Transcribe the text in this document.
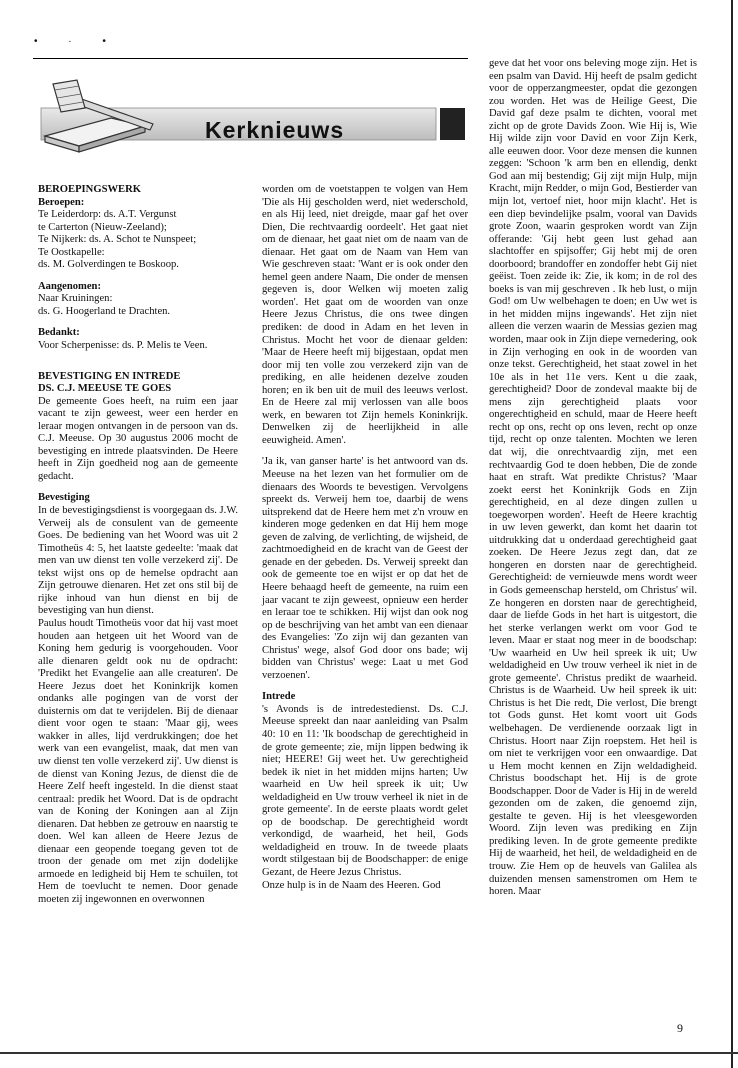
• · •
Kerknieuws

BEROEPINGSWERK

Beroepen:

Te Leiderdorp: ds. A.T. Vergunst

te Carterton (Nieuw-Zeeland);

Te Nijkerk: ds. A. Schot te Nunspeet;

Te Oostkapelle:

ds. M. Golverdingen te Boskoop.

Aangenomen:

Naar Kruiningen:

ds. G. Hoogerland te Drachten.

Bedankt:

Voor Scherpenisse: ds. P. Melis te Veen.

BEVESTIGING EN INTREDE

DS. C.J. MEEUSE TE GOES

De gemeente Goes heeft, na ruim een jaar vacant te zijn geweest, weer een herder en leraar mogen ontvangen in de persoon van ds. C.J. Meeuse. Op 30 augustus 2006 mocht de bevestiging en intrede plaatsvinden. De Heere heeft in Zijn goedheid nog aan de gemeente gedacht.

Bevestiging

In de bevestigingsdienst is voorgegaan ds. J.W. Verweij als de consulent van de gemeente Goes. De bediening van het Woord was uit 2 Timotheüs 4: 5, het laatste gedeelte: 'maak dat men van uw dienst ten volle verzekerd zij'. De tekst wijst ons op de hemelse opdracht aan Zijn getrouwe dienaren. Het zet ons stil bij de rijke inhoud van hun dienst en bij de bevestiging van hun dienst.

Paulus houdt Timotheüs voor dat hij vast moet houden aan hetgeen uit het Woord van de Koning hem gedurig is voorgehouden. Voor alle dienaren geldt ook nu de opdracht: 'Predikt het Evangelie aan alle creaturen'. De Heere Jezus doet het Koninkrijk komen ondanks alle pogingen van de vorst der duisternis om dat te verijdelen. Bij de dienaar dient voor ogen te staan: 'Maar gij, wees wakker in alles, lijd verdrukkingen; doe het werk van een evangelist, maak, dat men van uw dienst ten volle verzekerd zij'. Uw dienst is de dienst van Koning Jezus, de dienst die de Heere Zelf heeft ingesteld. In die dienst staat centraal: predik het Woord. Dat is de opdracht van de Koning der Koningen aan al Zijn dienaren. Dat hebben ze getrouw en naarstig te doen. Wel kan alleen de Heere Jezus de dienaar een geopende toegang geven tot de troon der genade om met zijn dodelijke armoede en ledigheid bij Hem te schuilen, tot Hem de toevlucht te nemen. Door genade moeten zij ingewonnen en overwonnen

worden om de voetstappen te volgen van Hem 'Die als Hij gescholden werd, niet wederschold, en als Hij leed, niet dreigde, maar gaf het over Dien, Die rechtvaardig oordeelt'. Het gaat niet om de dienaar, het gaat niet om de naam van de dienaar. Het gaat om de Naam van Hem van Wie geschreven staat: 'Want er is ook onder den hemel geen andere Naam, Die onder de mensen gegeven is, door Welken wij moeten zalig worden'. Het gaat om de woorden van onze Heere Jezus Christus, die ons twee dingen prediken: de dood in Adam en het leven in Christus. Mocht het voor de dienaar gelden: 'Maar de Heere heeft mij bijgestaan, opdat men door mij ten volle zou verzekerd zijn van de prediking, en alle heidenen dezelve zouden horen; en ik ben uit de muil des leeuws verlost. En de Heere zal mij verlossen van alle boos werk, en bewaren tot Zijn hemels Koninkrijk. Denwelken zij de heerlijkheid in alle eeuwigheid. Amen'.

'Ja ik, van ganser harte' is het antwoord van ds. Meeuse na het lezen van het formulier om de dienaars des Woords te bevestigen. Vervolgens spreekt ds. Verweij hem toe, daarbij de wens uitsprekend dat de Heere hem met z'n vrouw en kinderen moge gedenken en dat Hij hem moge geven de zalving, de verlichting, de wijsheid, de zachtmoedigheid en de kracht van de Geest der genade en der gebeden. Ds. Verweij spreekt dan ook de gemeente toe en wijst er op dat het de Heere behaagd heeft de gemeente, na ruim een jaar vacant te zijn geweest, opnieuw een herder en leraar toe te schikken. Hij wijst dan ook nog op de beschrijving van het ambt van een dienaar des Evangelies: 'Zo zijn wij dan gezanten van Christus' wege, alsof God door ons bade; wij bidden van Christus' wege: Laat u met God verzoenen'.

Intrede

's Avonds is de intredestedienst. Ds. C.J. Meeuse spreekt dan naar aanleiding van Psalm 40: 10 en 11: 'Ik boodschap de gerechtigheid in de grote gemeente; zie, mijn lippen bedwing ik niet; HEERE! Gij weet het. Uw gerechtigheid bedek ik niet in het midden mijns harten; Uw waarheid en Uw heil spreek ik uit; Uw weldadigheid en Uw trouw verheel ik niet in de grote gemeente'. In de eerste plaats wordt gelet op de boodschap. De gerechtigheid wordt verkondigd, de waarheid, het heil, Gods weldadigheid en trouw. In de tweede plaats wordt stilgestaan bij de Boodschapper: de enige Gezant, de Heere Jezus Christus.

Onze hulp is in de Naam des Heeren. God

geve dat het voor ons beleving moge zijn. Het is een psalm van David. Hij heeft de psalm gedicht voor de opperzangmeester, opdat die gezongen zou worden. Het was de Heilige Geest, Die David gaf deze psalm te dichten, vooral met zicht op de grote Davids Zoon. Wie Hij is, Wie Hij wilde zijn voor David en voor Zijn Kerk, alle eeuwen door. Voor deze mensen die kunnen zeggen: 'Schoon 'k arm ben en ellendig, denkt God aan mij bestendig; Gij zijt mijn Hulp, mijn Kracht, mijn Redder, o mijn God, Bestierder van mijn lot, vertoef niet, hoor mijn klacht'. Het is een diep bevindelijke psalm, vooral van Davids grote Zoon, waarin gesproken wordt van Zijn offerande: 'Gij hebt geen lust gehad aan slachtoffer en spijsoffer; Gij hebt mij de oren doorboord; brandoffer en zondoffer hebt Gij niet geëist. Toen zeide ik: Zie, ik kom; in de rol des boeks is van mij geschreven . Ik heb lust, o mijn God! om Uw welbehagen te doen; en Uw wet is in het midden mijns ingewands'. Het zijn niet alleen die verzen waarin de Messias gezien mag worden, maar ook in Zijn diepe vernedering, ook in Zijn verhoging en ook in de woorden van onze tekst. Gerechtigheid, het staat zowel in het 10e als in het 11e vers. Kent u die zaak, gerechtigheid? Door de zondeval maakte bij de mens zijn gerechtigheid plaats voor ongerechtigheid en schuld, maar de Heere heeft recht op ons, recht op ons leven, recht op onze tijd, recht op onze talenten. Mochten we leren dat wij, die onrechtvaardig zijn, met een rechtvaardig God te doen hebben, Die de zonde haat en straft. Wat predikte Christus? 'Maar zoekt eerst het Koninkrijk Gods en Zijn gerechtigheid, en al deze dingen zullen u toegeworpen worden'. Heeft de Heere krachtig in uw leven gewerkt, dan komt het daarin tot uitdrukking dat u onderdaad gerechtigheid gaat zoeken. De Heere Jezus zegt dan, dat ze hongeren en dorsten naar de gerechtigheid. Gerechtigheid: de vernieuwde mens wordt weer in Gods gemeenschap hersteld, om Christus' wil. Ze hongeren en dorsten naar de gerechtigheid, daar de liefde Gods in het hart is uitgestort, die het sterke verlangen werkt om voor God te leven. Maar er staat nog meer in de boodschap: 'Uw waarheid en Uw heil spreek ik uit; Uw weldadigheid en Uw trouw verheel ik niet in de grote gemeente'. Christus predikt de waarheid. Christus is de Waarheid. Uw heil spreek ik uit: Christus is het Die redt, Die verlost, Die brengt tot Gods gunst. Het komt voort uit Gods welbehagen. De verdienende oorzaak ligt in Christus. Hoort naar Zijn roepstem. Het heil is om niet te verkrijgen voor een onwaardige. Dat u Hem mocht kennen en Zijn weldadigheid. Christus boodschapt het. Hij is de grote Boodschapper. Door de Vader is Hij in de wereld gezonden om de zaken, die genoemd zijn, gestalte te geven. Hij is het vleesgeworden Woord. Zijn leven was prediking en Zijn prediking leven. In de grote gemeente predikte Hij de waarheid, het heil, de weldadigheid en de trouw. Zie Hem op de heuvels van Galilea als duizenden mensen samenstromen om Hem te horen. Maar

9
